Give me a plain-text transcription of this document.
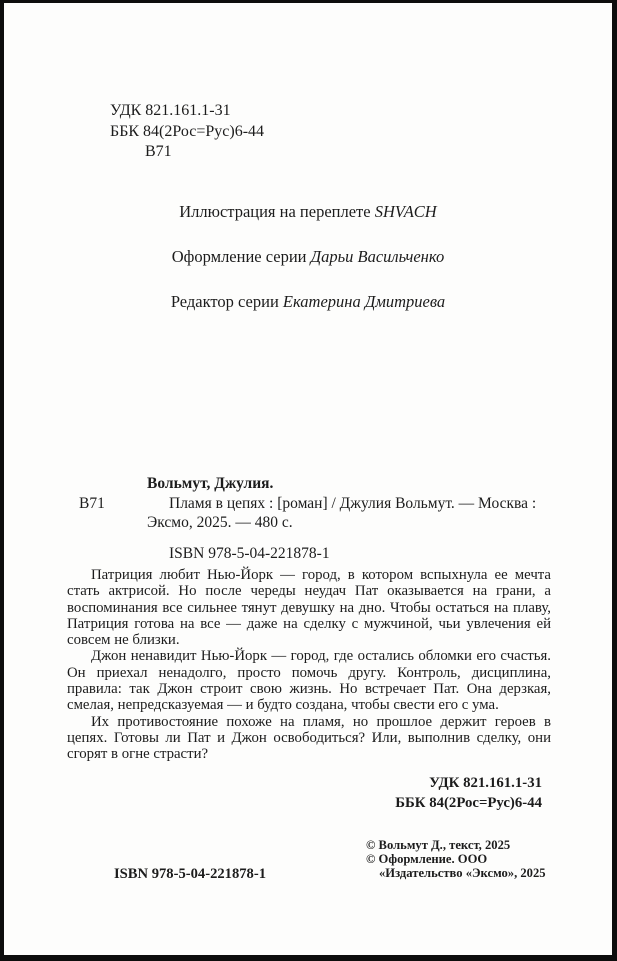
УДК 821.161.1-31
ББК 84(2Рос=Рус)6-44
В71

Иллюстрация на переплете SHVACH

Оформление серии Дарьи Васильченко

Редактор серии Екатерина Дмитриева

Вольмут, Джулия.
В71	Пламя в цепях : [роман] / Джулия Вольмут. — Москва :
Эксмо, 2025. — 480 с.
ISBN 978-5-04-221878-1

Патриция любит Нью-Йорк — город, в котором вспыхнула ее мечта стать актрисой. Но после череды неудач Пат оказывается на грани, а воспоминания все сильнее тянут девушку на дно. Чтобы остаться на плаву, Патриция готова на все — даже на сделку с мужчиной, чьи увлечения ей совсем не близки.

Джон ненавидит Нью-Йорк — город, где остались обломки его счастья. Он приехал ненадолго, просто помочь другу. Контроль, дисциплина, правила: так Джон строит свою жизнь. Но встречает Пат. Она дерзкая, смелая, непредсказуемая — и будто создана, чтобы свести его с ума.

Их противостояние похоже на пламя, но прошлое держит героев в цепях. Готовы ли Пат и Джон освободиться? Или, выполнив сделку, они сгорят в огне страсти?

УДК 821.161.1-31
ББК 84(2Рос=Рус)6-44
ISBN 978-5-04-221878-1
© Вольмут Д., текст, 2025
© Оформление. ООО
«Издательство «Эксмо», 2025
